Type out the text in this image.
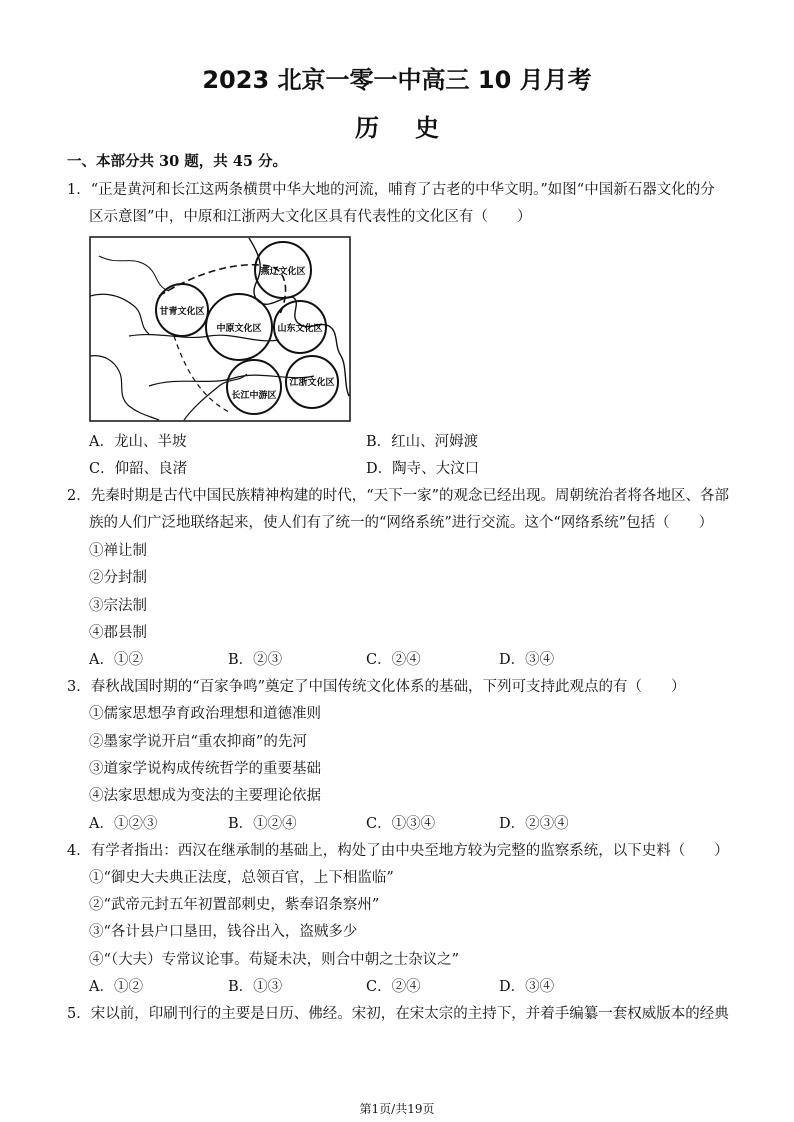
2023 北京一零一中高三 10 月月考
历 史
一、本部分共 30 题，共 45 分。
1．“正是黄河和长江这两条横贯中华大地的河流，哺育了古老的中华文明。”如图“中国新石器文化的分
区示意图”中，中原和江浙两大文化区具有代表性的文化区有（　　）
燕辽文化区
甘青文化区
中原文化区 山东文化区
长江中游区
江浙文化区
A．龙山、半坡	B．红山、河姆渡
C．仰韶、良渚	D．陶寺、大汶口
2．先秦时期是古代中国民族精神构建的时代，“天下一家”的观念已经出现。周朝统治者将各地区、各部
族的人们广泛地联络起来，使人们有了统一的“网络系统”进行交流。这个“网络系统”包括（　　）
①禅让制
②分封制
③宗法制
④郡县制
A．①②	B．②③	C．②④	D．③④
3．春秋战国时期的“百家争鸣”奠定了中国传统文化体系的基础，下列可支持此观点的有（　　）
①儒家思想孕育政治理想和道德准则
②墨家学说开启“重农抑商”的先河
③道家学说构成传统哲学的重要基础
④法家思想成为变法的主要理论依据
A．①②③	B．①②④	C．①③④	D．②③④
4．有学者指出：西汉在继承制的基础上，构处了由中央至地方较为完整的监察系统，以下史料（　　）
①“御史大夫典正法度，总领百官，上下相监临”
②“武帝元封五年初置部刺史，紫奉诏条察州”
③“各计县户口垦田，钱谷出入，盗贼多少
④“（大夫）专常议论事。苟疑未决，则合中朝之士杂议之”
A．①②	B．①③	C．②④	D．③④
5．宋以前，印刷刊行的主要是日历、佛经。宋初，在宋太宗的主持下，并着手编纂一套权威版本的经典
第1页/共19页
